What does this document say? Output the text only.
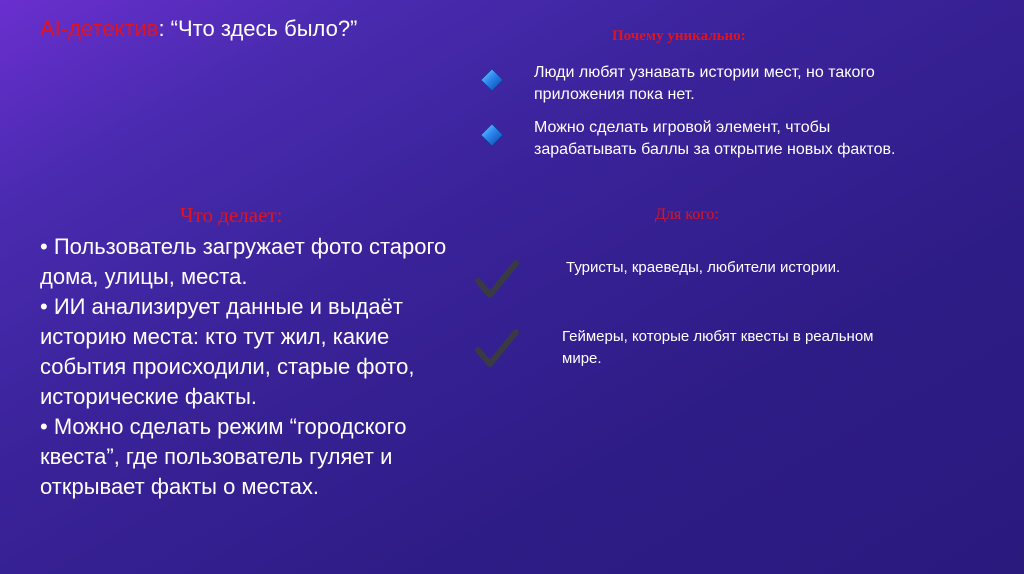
AI-детектив: “Что здесь было?”	Почему уникально:
Люди любят узнавать истории мест, но такого приложения пока нет.
Можно сделать игровой элемент, чтобы зарабатывать баллы за открытие новых фактов.
Что делает:

• Пользователь загружает фото старого дома, улицы, места.

• ИИ анализирует данные и выдаёт историю места: кто тут жил, какие события происходили, старые фото, исторические факты.

• Можно сделать режим “городского квеста”, где пользователь гуляет и открывает факты о местах.

Для кого:
Туристы, краеведы, любители истории.
Геймеры, которые любят квесты в реальном мире.
